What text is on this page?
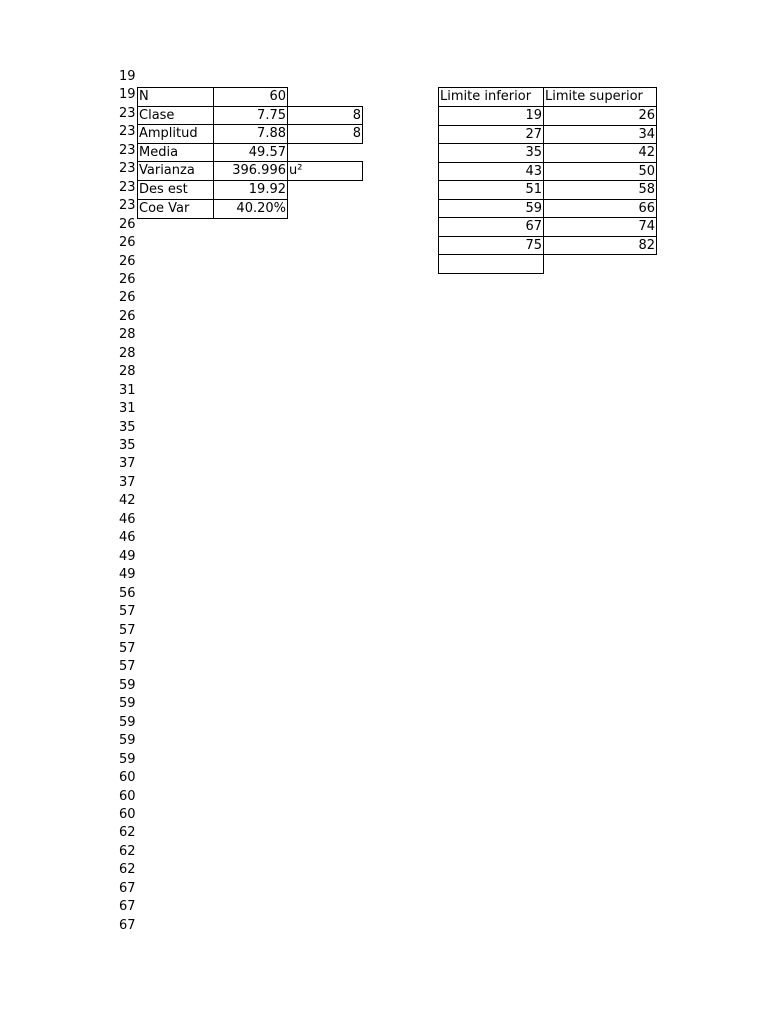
19
19
23
23
23
23
23
23
26
26
26
26
26
26
28
28
28
31
31
35
35
37
37
42
46
46
49
49
56
57
57
57
57
59
59
59
59
59
60
60
60
62
62
62
67
67
67
N	60
Clase	7.75	8
Amplitud	7.88	8
Media	49.57
Varianza	396.996 u²
Des est	19.92
Coe Var	40.20%
Limite inferior	Limite superior
19	26
27	34
35	42
43	50
51	58
59	66
67	74
75	82
